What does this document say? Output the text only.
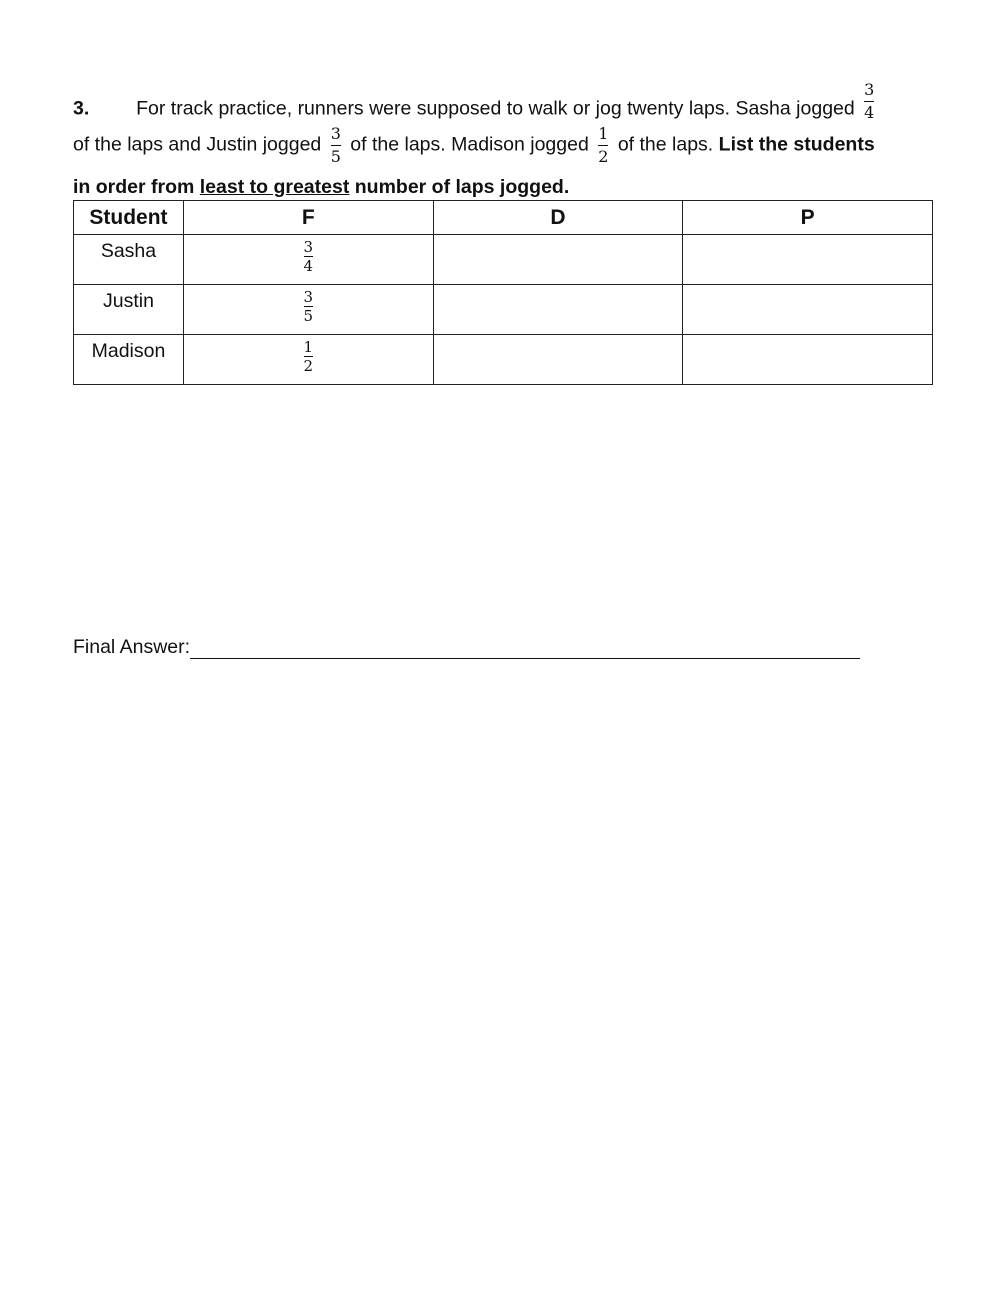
3. For track practice, runners were supposed to walk or jog twenty laps. Sasha jogged $\frac{3}{4}$
of the laps and Justin jogged $\frac{3}{5}$ of the laps. Madison jogged $\frac{1}{2}$ of the laps. List the students
in order from least to greatest number of laps jogged.
Student	F	D	P
Sasha	$\frac{3}{4}$

Justin	$\frac{3}{5}$

Madison	$\frac{1}{2}$

Final Answer:
